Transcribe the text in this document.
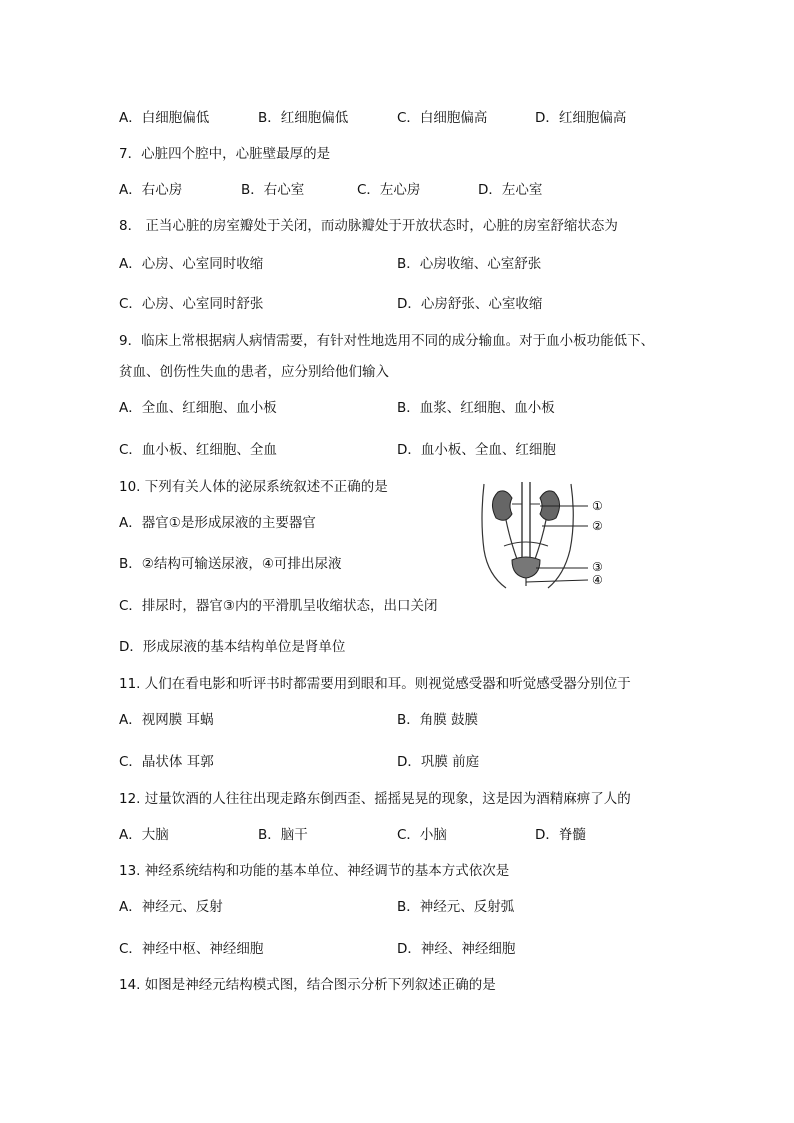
A．白细胞偏低	B．红细胞偏低	C．白细胞偏高	D．红细胞偏高
7．心脏四个腔中，心脏壁最厚的是
A．右心房	B．右心室	C．左心房	D．左心室
8． 正当心脏的房室瓣处于关闭，而动脉瓣处于开放状态时，心脏的房室舒缩状态为
A．心房、心室同时收缩	B．心房收缩、心室舒张
C．心房、心室同时舒张	D．心房舒张、心室收缩
9．临床上常根据病人病情需要，有针对性地选用不同的成分输血。对于血小板功能低下、
贫血、创伤性失血的患者，应分别给他们输入
A．全血、红细胞、血小板	B．血浆、红细胞、血小板
C．血小板、红细胞、全血	D．血小板、全血、红细胞
10. 下列有关人体的泌尿系统叙述不正确的是
A．器官①是形成尿液的主要器官
B．②结构可输送尿液，④可排出尿液
C．排尿时，器官③内的平滑肌呈收缩状态，出口关闭
D．形成尿液的基本结构单位是肾单位
①
②
③
④
11. 人们在看电影和听评书时都需要用到眼和耳。则视觉感受器和听觉感受器分别位于
A．视网膜 耳蜗	B．角膜 鼓膜
C．晶状体 耳郭	D．巩膜 前庭
12. 过量饮酒的人往往出现走路东倒西歪、摇摇晃晃的现象，这是因为酒精麻痹了人的
A．大脑	B．脑干	C．小脑	D．脊髓
13. 神经系统结构和功能的基本单位、神经调节的基本方式依次是
A．神经元、反射	B．神经元、反射弧
C．神经中枢、神经细胞	D．神经、神经细胞
14. 如图是神经元结构模式图，结合图示分析下列叙述正确的是
